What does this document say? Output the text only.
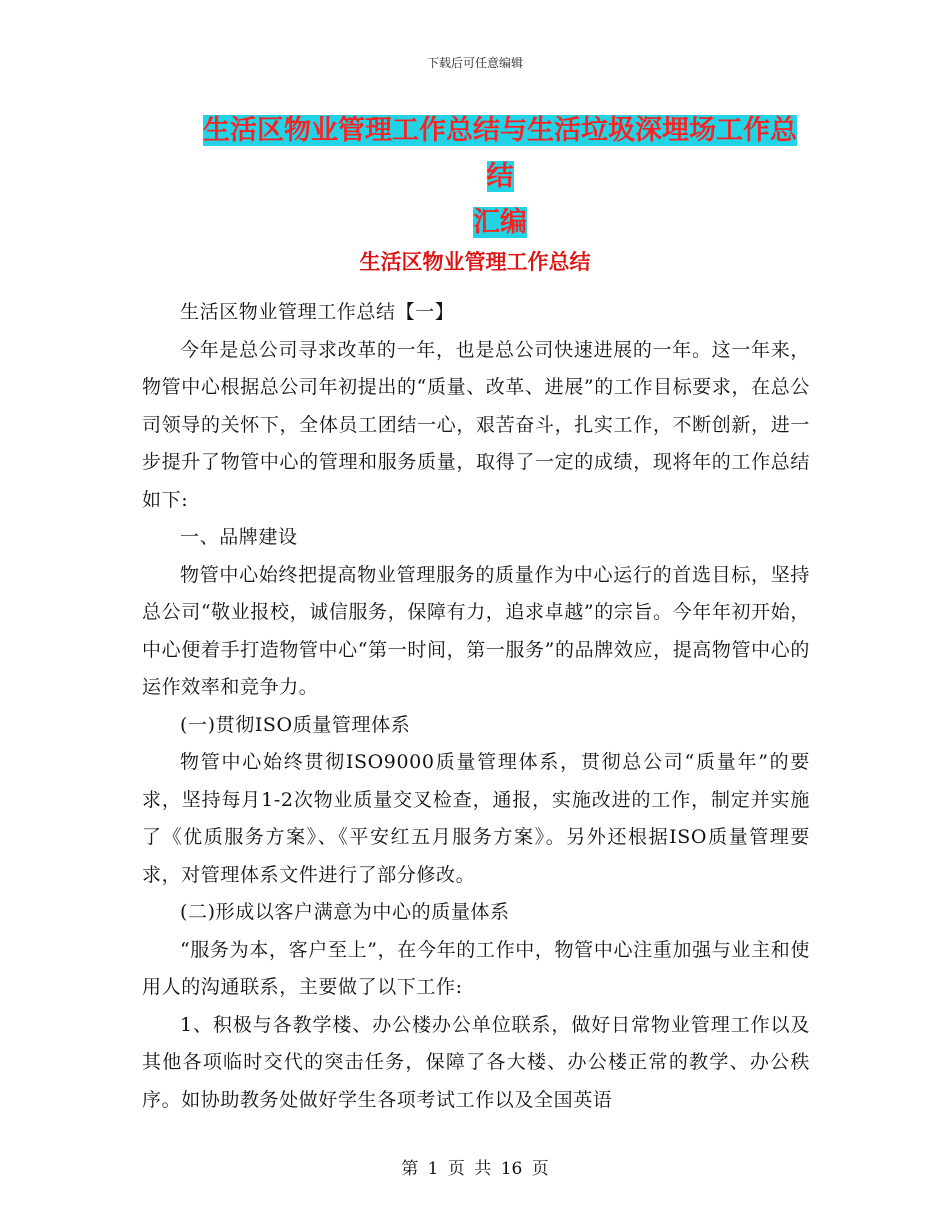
下载后可任意编辑
生活区物业管理工作总结与生活垃圾深埋场工作总结
汇编
生活区物业管理工作总结

生活区物业管理工作总结【一】

今年是总公司寻求改革的一年，也是总公司快速进展的一年。这一年来，物管中心根据总公司年初提出的“质量、改革、进展”的工作目标要求，在总公司领导的关怀下，全体员工团结一心，艰苦奋斗，扎实工作，不断创新，进一步提升了物管中心的管理和服务质量，取得了一定的成绩，现将年的工作总结如下:

一、品牌建设

物管中心始终把提高物业管理服务的质量作为中心运行的首选目标，坚持总公司“敬业报校，诚信服务，保障有力，追求卓越”的宗旨。今年年初开始，中心便着手打造物管中心“第一时间，第一服务”的品牌效应，提高物管中心的运作效率和竞争力。

(一)贯彻ISO质量管理体系

物管中心始终贯彻ISO9000质量管理体系，贯彻总公司“质量年”的要求，坚持每月1-2次物业质量交叉检查，通报，实施改进的工作，制定并实施了《优质服务方案》、《平安红五月服务方案》。另外还根据ISO质量管理要求，对管理体系文件进行了部分修改。

(二)形成以客户满意为中心的质量体系

“服务为本，客户至上”，在今年的工作中，物管中心注重加强与业主和使用人的沟通联系，主要做了以下工作:

1、积极与各教学楼、办公楼办公单位联系，做好日常物业管理工作以及其他各项临时交代的突击任务，保障了各大楼、办公楼正常的教学、办公秩序。如协助教务处做好学生各项考试工作以及全国英语

第 1 页 共 16 页
